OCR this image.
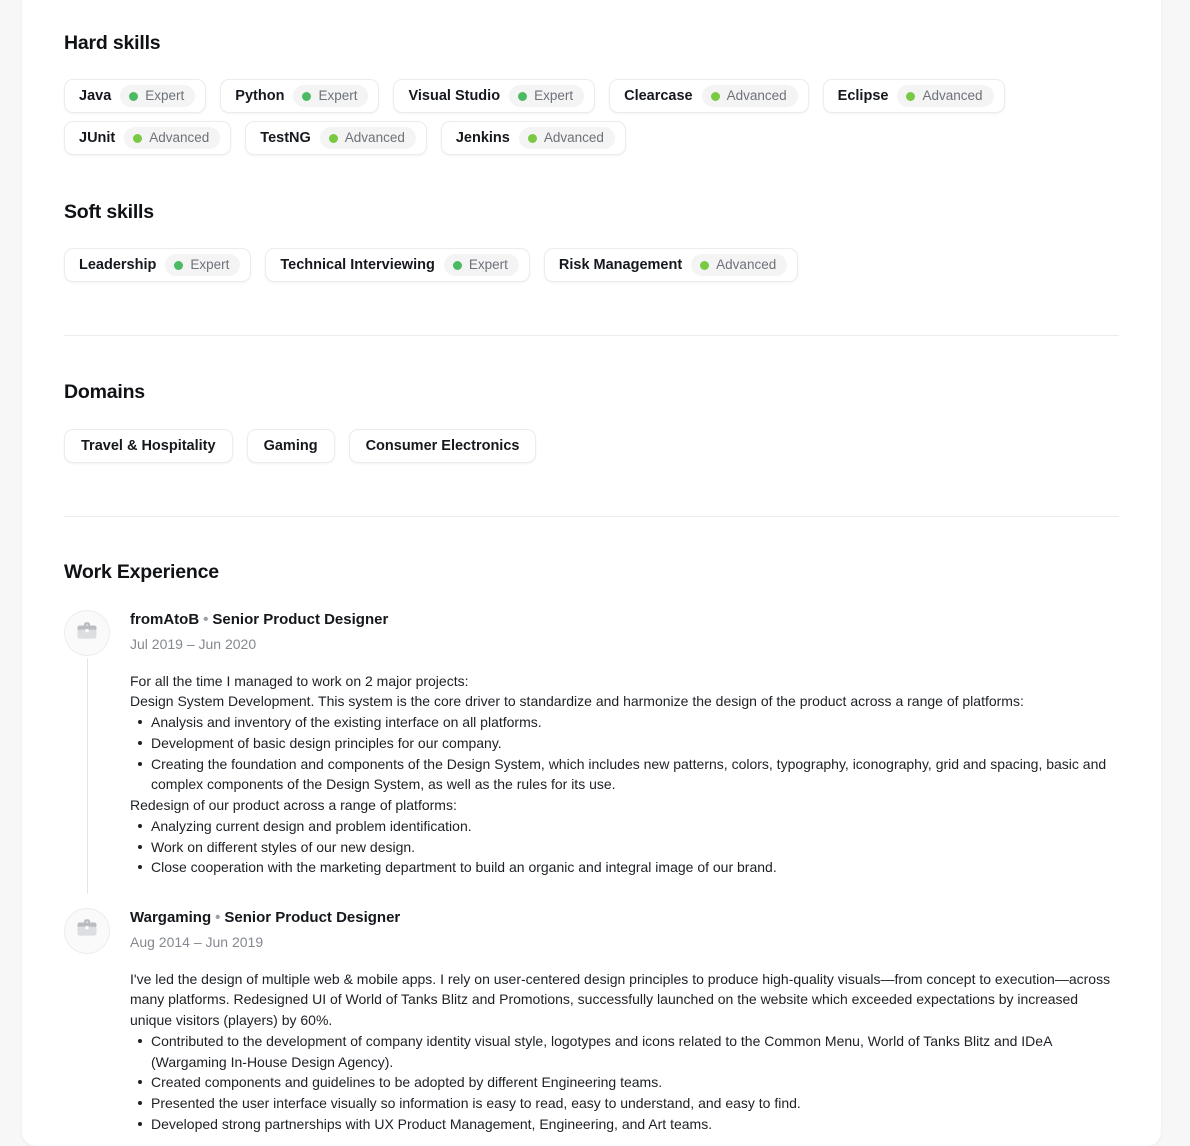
Hard skills
Java	Expert	Python	Expert	Visual Studio	Expert	Clearcase	Advanced	Eclipse	Advanced
JUnit	Advanced	TestNG	Advanced	Jenkins	Advanced
Soft skills
Leadership	Expert	Technical Interviewing	Expert	Risk Management	Advanced
Domains
Travel & Hospitality	Gaming	Consumer Electronics
Work Experience
fromAtoB • Senior Product Designer
Jul 2019 – Jun 2020

For all the time I managed to work on 2 major projects:

Design System Development. This system is the core driver to standardize and harmonize the design of the product across a range of platforms:

Analysis and inventory of the existing interface on all platforms.
Development of basic design principles for our company.
Creating the foundation and components of the Design System, which includes new patterns, colors, typography, iconography, grid and spacing, basic and complex components of the Design System, as well as the rules for its use.

Redesign of our product across a range of platforms:

Analyzing current design and problem identification.
Work on different styles of our new design.
Close cooperation with the marketing department to build an organic and integral image of our brand.
Wargaming • Senior Product Designer
Aug 2014 – Jun 2019

I've led the design of multiple web & mobile apps. I rely on user-centered design principles to produce high-quality visuals—from concept to execution—across many platforms. Redesigned UI of World of Tanks Blitz and Promotions, successfully launched on the website which exceeded expectations by increased unique visitors (players) by 60%.

Contributed to the development of company identity visual style, logotypes and icons related to the Common Menu, World of Tanks Blitz and IDeA (Wargaming In-House Design Agency).
Created components and guidelines to be adopted by different Engineering teams.
Presented the user interface visually so information is easy to read, easy to understand, and easy to find.
Developed strong partnerships with UX Product Management, Engineering, and Art teams.
